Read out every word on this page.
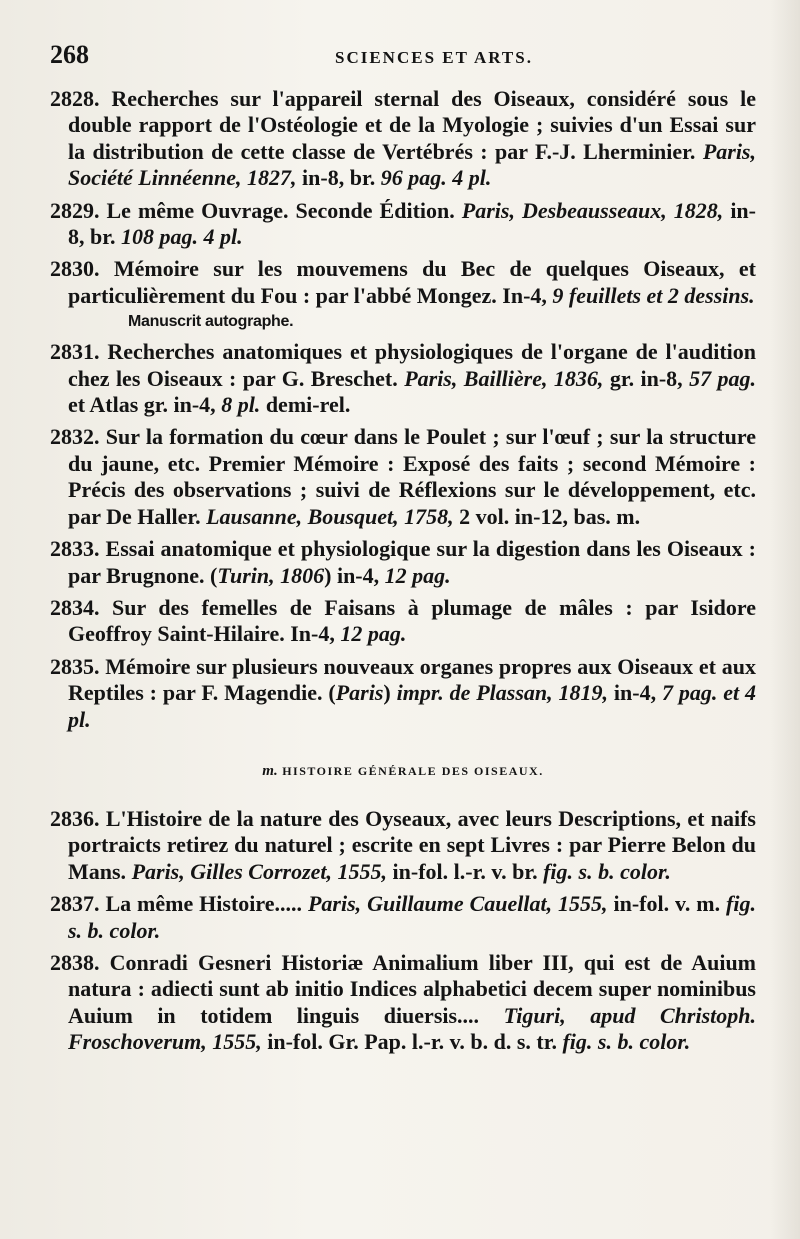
268	SCIENCES ET ARTS.

2828. Recherches sur l'appareil sternal des Oiseaux, considéré sous le double rapport de l'Ostéologie et de la Myologie ; suivies d'un Essai sur la distribution de cette classe de Vertébrés : par F.-J. Lherminier. Paris, Société Linnéenne, 1827, in-8, br. 96 pag. 4 pl.

2829. Le même Ouvrage. Seconde Édition. Paris, Desbeausseaux, 1828, in-8, br. 108 pag. 4 pl.

2830. Mémoire sur les mouvemens du Bec de quelques Oiseaux, et particulièrement du Fou : par l'abbé Mongez. In-4, 9 feuillets et 2 dessins.

Manuscrit autographe.

2831. Recherches anatomiques et physiologiques de l'organe de l'audition chez les Oiseaux : par G. Breschet. Paris, Baillière, 1836, gr. in-8, 57 pag. et Atlas gr. in-4, 8 pl. demi-rel.

2832. Sur la formation du cœur dans le Poulet ; sur l'œuf ; sur la structure du jaune, etc. Premier Mémoire : Exposé des faits ; second Mémoire : Précis des observations ; suivi de Réflexions sur le développement, etc. par De Haller. Lausanne, Bousquet, 1758, 2 vol. in-12, bas. m.

2833. Essai anatomique et physiologique sur la digestion dans les Oiseaux : par Brugnone. (Turin, 1806) in-4, 12 pag.

2834. Sur des femelles de Faisans à plumage de mâles : par Isidore Geoffroy Saint-Hilaire. In-4, 12 pag.

2835. Mémoire sur plusieurs nouveaux organes propres aux Oiseaux et aux Reptiles : par F. Magendie. (Paris) impr. de Plassan, 1819, in-4, 7 pag. et 4 pl.

m. HISTOIRE GÉNÉRALE DES OISEAUX.

2836. L'Histoire de la nature des Oyseaux, avec leurs Descriptions, et naifs portraicts retirez du naturel ; escrite en sept Livres : par Pierre Belon du Mans. Paris, Gilles Corrozet, 1555, in-fol. l.-r. v. br. fig. s. b. color.

2837. La même Histoire..... Paris, Guillaume Cauellat, 1555, in-fol. v. m. fig. s. b. color.

2838. Conradi Gesneri Historiæ Animalium liber III, qui est de Auium natura : adiecti sunt ab initio Indices alphabetici decem super nominibus Auium in totidem linguis diuersis.... Tiguri, apud Christoph. Froschoverum, 1555, in-fol. Gr. Pap. l.-r. v. b. d. s. tr. fig. s. b. color.
